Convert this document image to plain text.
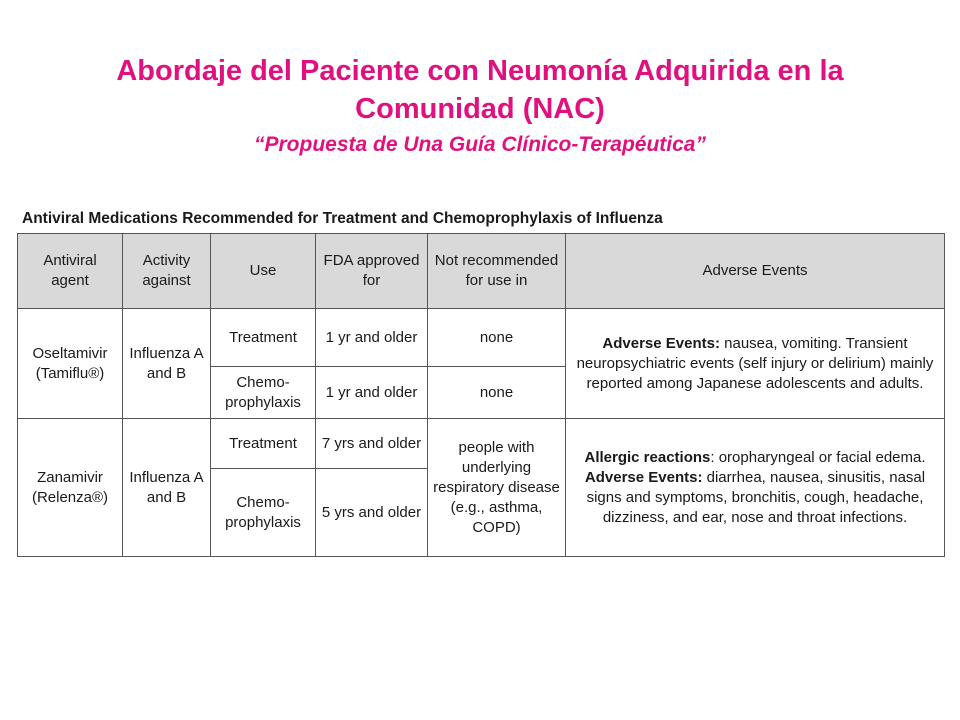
Abordaje del Paciente con Neumonía Adquirida en la Comunidad (NAC)
“Propuesta de Una Guía Clínico-Terapéutica”
Antiviral Medications Recommended for Treatment and Chemoprophylaxis of Influenza
Antiviral agent	Activity against	Use	FDA approved for	Not recommended for use in	Adverse Events
Oseltamivir (Tamiflu®)	Influenza A and B	Treatment	1 yr and older	none	Adverse Events: nausea, vomiting. Transient neuropsychiatric events (self injury or delirium) mainly reported among Japanese adolescents and adults.
		Chemo-prophylaxis	1 yr and older	none	
Zanamivir (Relenza®)	Influenza A and B	Treatment	7 yrs and older	people with underlying respiratory disease (e.g., asthma, COPD)	Allergic reactions: oropharyngeal or facial edema. Adverse Events: diarrhea, nausea, sinusitis, nasal signs and symptoms, bronchitis, cough, headache, dizziness, and ear, nose and throat infections.
		Chemo-prophylaxis	5 yrs and older		
